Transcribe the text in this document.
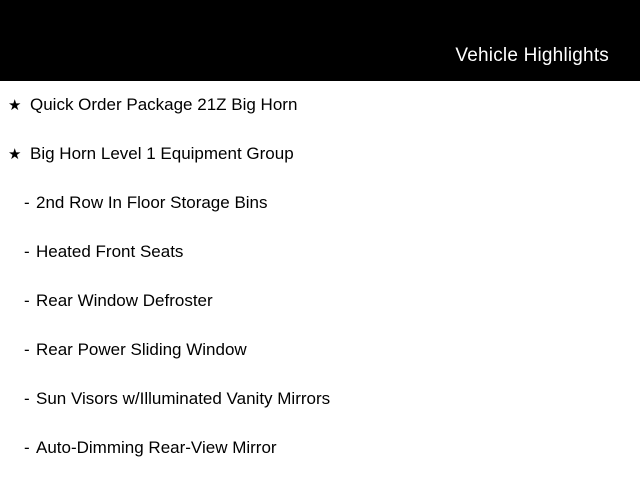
Vehicle Highlights
★ Quick Order Package 21Z Big Horn
★ Big Horn Level 1 Equipment Group
- 2nd Row In Floor Storage Bins
- Heated Front Seats
- Rear Window Defroster
- Rear Power Sliding Window
- Sun Visors w/Illuminated Vanity Mirrors
- Auto-Dimming Rear-View Mirror
